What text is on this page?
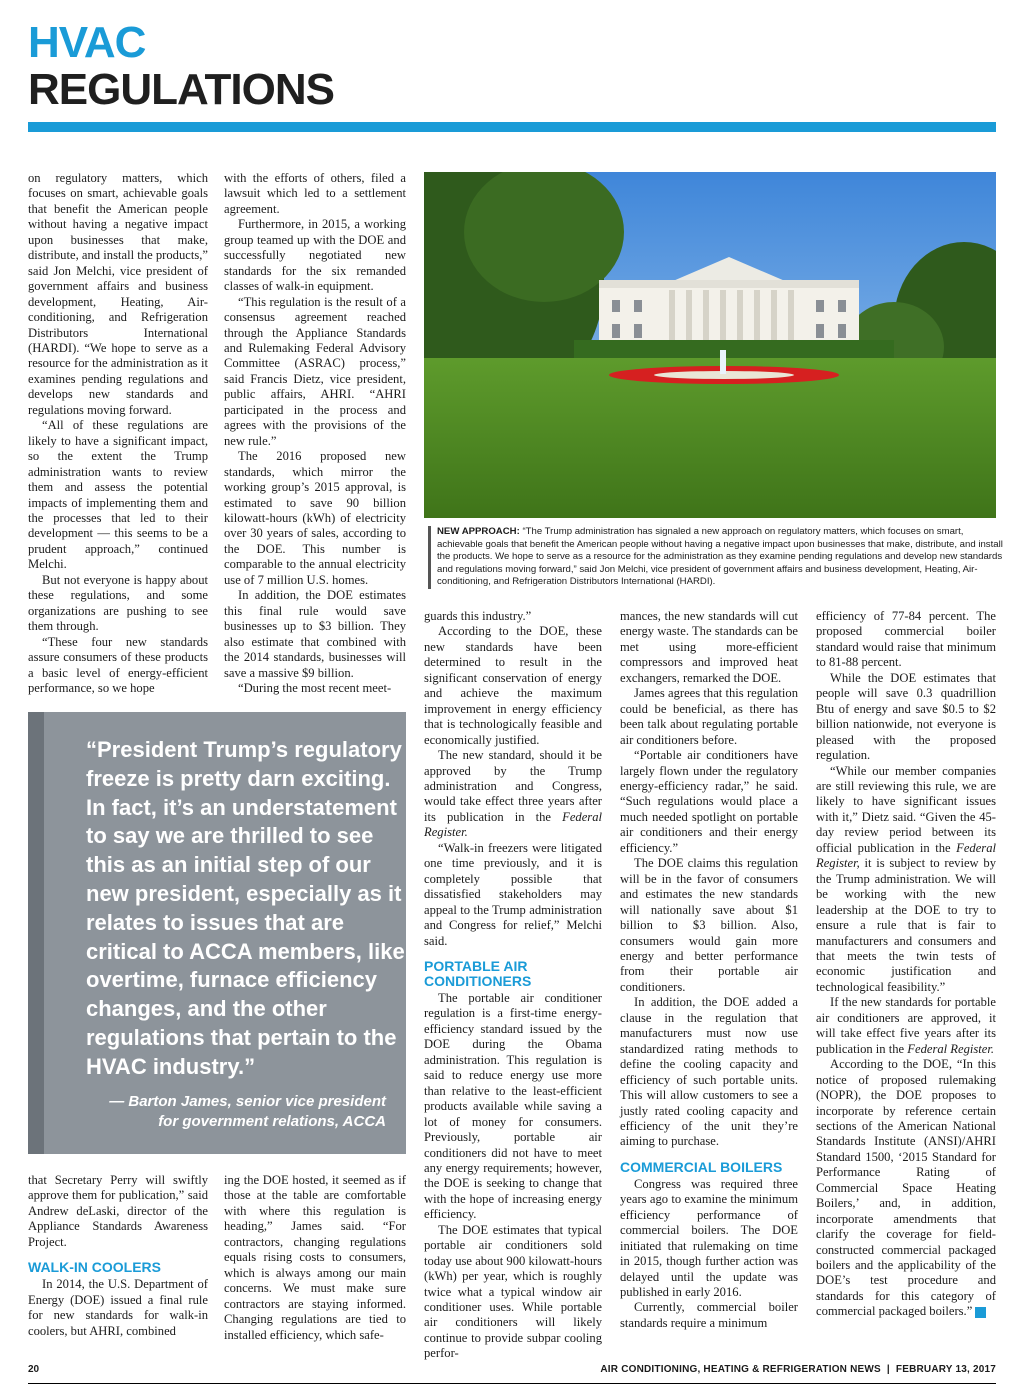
HVAC
REGULATIONS

on regulatory matters, which focuses on smart, achievable goals that benefit the American people without having a negative impact upon businesses that make, distribute, and install the products,” said Jon Melchi, vice president of government affairs and business development, Heating, Air-conditioning, and Refrigeration Distributors International (HARDI). “We hope to serve as a resource for the administration as it examines pending regulations and develops new standards and regulations moving forward.

“All of these regulations are likely to have a significant impact, so the extent the Trump administration wants to review them and assess the potential impacts of implementing them and the processes that led to their development — this seems to be a prudent approach,” continued Melchi.

But not everyone is happy about these regulations, and some organizations are pushing to see them through.

“These four new standards assure consumers of these products a basic level of energy-efficient performance, so we hope

with the efforts of others, filed a lawsuit which led to a settlement agreement.

Furthermore, in 2015, a working group teamed up with the DOE and successfully negotiated new standards for the six remanded classes of walk-in equipment.

“This regulation is the result of a consensus agreement reached through the Appliance Standards and Rulemaking Federal Advisory Committee (ASRAC) process,” said Francis Dietz, vice president, public affairs, AHRI. “AHRI participated in the process and agrees with the provisions of the new rule.”

The 2016 proposed new standards, which mirror the working group’s 2015 approval, is estimated to save 90 billion kilowatt-hours (kWh) of electricity over 30 years of sales, according to the DOE. This number is comparable to the annual electricity use of 7 million U.S. homes.

In addition, the DOE estimates this final rule would save businesses up to $3 billion. They also estimate that combined with the 2014 standards, businesses will save a massive $9 billion.

“During the most recent meet-

NEW APPROACH: “The Trump administration has signaled a new approach on regulatory matters, which focuses on smart, achievable goals that benefit the American people without having a negative impact upon businesses that make, distribute, and install the products. We hope to serve as a resource for the administration as they examine pending regulations and develop new standards and regulations moving forward,” said Jon Melchi, vice president of government affairs and business development, Heating, Air-conditioning, and Refrigeration Distributors International (HARDI).
“President Trump’s regulatory freeze is pretty darn exciting. In fact, it’s an understatement to say we are thrilled to see this as an initial step of our new president, especially as it relates to issues that are critical to ACCA members, like overtime, furnace efficiency changes, and the other regulations that pertain to the HVAC industry.”
— Barton James, senior vice president
for government relations, ACCA

that Secretary Perry will swiftly approve them for publication,” said Andrew deLaski, director of the Appliance Standards Awareness Project.

WALK-IN COOLERS

In 2014, the U.S. Department of Energy (DOE) issued a final rule for new standards for walk-in coolers, but AHRI, combined

ing the DOE hosted, it seemed as if those at the table are comfortable with where this regulation is heading,” James said. “For contractors, changing regulations equals rising costs to consumers, which is always among our main concerns. We must make sure contractors are staying informed. Changing regulations are tied to installed efficiency, which safe-

guards this industry.”

According to the DOE, these new standards have been determined to result in the significant conservation of energy and achieve the maximum improvement in energy efficiency that is technologically feasible and economically justified.

The new standard, should it be approved by the Trump administration and Congress, would take effect three years after its publication in the Federal Register.

“Walk-in freezers were litigated one time previously, and it is completely possible that dissatisfied stakeholders may appeal to the Trump administration and Congress for relief,” Melchi said.

PORTABLE AIR CONDITIONERS

The portable air conditioner regulation is a first-time energy-efficiency standard issued by the DOE during the Obama administration. This regulation is said to reduce energy use more than relative to the least-efficient products available while saving a lot of money for consumers. Previously, portable air conditioners did not have to meet any energy requirements; however, the DOE is seeking to change that with the hope of increasing energy efficiency.

The DOE estimates that typical portable air conditioners sold today use about 900 kilowatt-hours (kWh) per year, which is roughly twice what a typical window air conditioner uses. While portable air conditioners will likely continue to provide subpar cooling perfor-

mances, the new standards will cut energy waste. The standards can be met using more-efficient compressors and improved heat exchangers, remarked the DOE.

James agrees that this regulation could be beneficial, as there has been talk about regulating portable air conditioners before.

“Portable air conditioners have largely flown under the regulatory energy-efficiency radar,” he said. “Such regulations would place a much needed spotlight on portable air conditioners and their energy efficiency.”

The DOE claims this regulation will be in the favor of consumers and estimates the new standards will nationally save about $1 billion to $3 billion. Also, consumers would gain more energy and better performance from their portable air conditioners.

In addition, the DOE added a clause in the regulation that manufacturers must now use standardized rating methods to define the cooling capacity and efficiency of such portable units. This will allow customers to see a justly rated cooling capacity and efficiency of the unit they’re aiming to purchase.

COMMERCIAL BOILERS

Congress was required three years ago to examine the minimum efficiency performance of commercial boilers. The DOE initiated that rulemaking on time in 2015, though further action was delayed until the update was published in early 2016.

Currently, commercial boiler standards require a minimum

efficiency of 77-84 percent. The proposed commercial boiler standard would raise that minimum to 81-88 percent.

While the DOE estimates that people will save 0.3 quadrillion Btu of energy and save $0.5 to $2 billion nationwide, not everyone is pleased with the proposed regulation.

“While our member companies are still reviewing this rule, we are likely to have significant issues with it,” Dietz said. “Given the 45-day review period between its official publication in the Federal Register, it is subject to review by the Trump administration. We will be working with the new leadership at the DOE to try to ensure a rule that is fair to manufacturers and consumers and that meets the twin tests of economic justification and technological feasibility.”

If the new standards for portable air conditioners are approved, it will take effect five years after its publication in the Federal Register.

According to the DOE, “In this notice of proposed rulemaking (NOPR), the DOE proposes to incorporate by reference certain sections of the American National Standards Institute (ANSI)/AHRI Standard 1500, ‘2015 Standard for Performance Rating of Commercial Space Heating Boilers,’ and, in addition, incorporate amendments that clarify the coverage for field-constructed commercial packaged boilers and the applicability of the DOE’s test procedure and standards for this category of commercial packaged boilers.” N

20	AIR CONDITIONING, HEATING & REFRIGERATION NEWS | FEBRUARY 13, 2017
